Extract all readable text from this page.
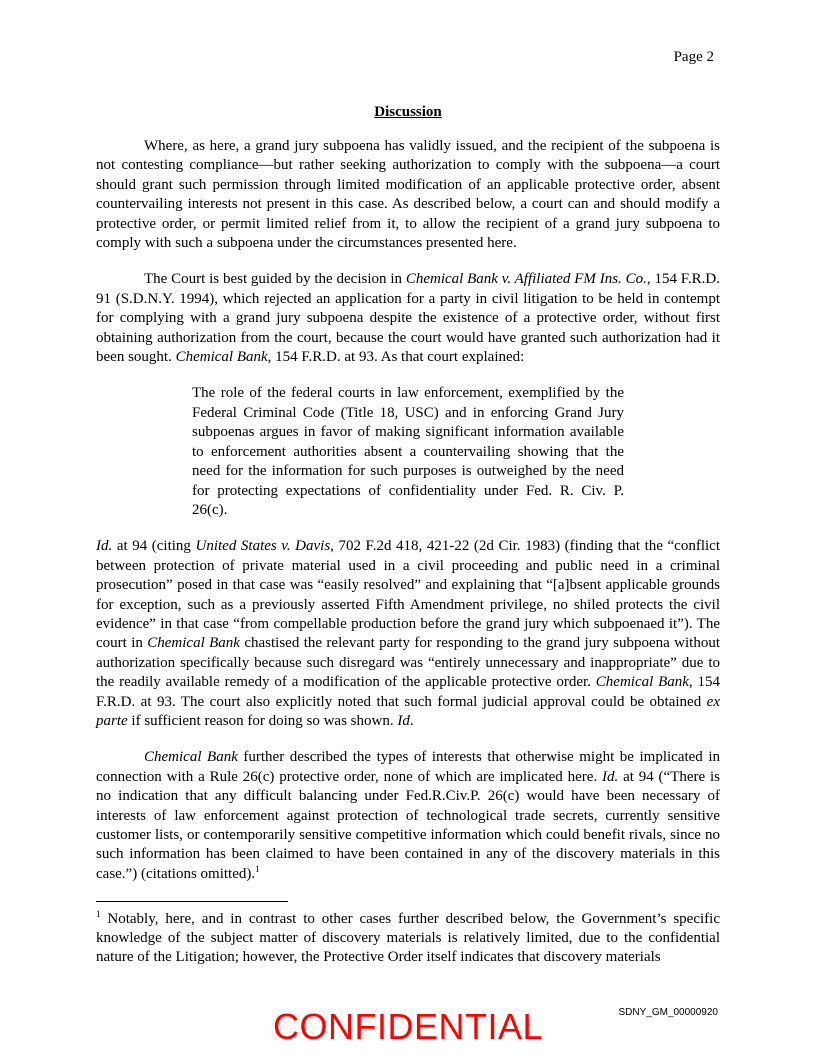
Page 2
Discussion

Where, as here, a grand jury subpoena has validly issued, and the recipient of the subpoena is not contesting compliance—but rather seeking authorization to comply with the subpoena—a court should grant such permission through limited modification of an applicable protective order, absent countervailing interests not present in this case. As described below, a court can and should modify a protective order, or permit limited relief from it, to allow the recipient of a grand jury subpoena to comply with such a subpoena under the circumstances presented here.

The Court is best guided by the decision in Chemical Bank v. Affiliated FM Ins. Co., 154 F.R.D. 91 (S.D.N.Y. 1994), which rejected an application for a party in civil litigation to be held in contempt for complying with a grand jury subpoena despite the existence of a protective order, without first obtaining authorization from the court, because the court would have granted such authorization had it been sought. Chemical Bank, 154 F.R.D. at 93. As that court explained:

The role of the federal courts in law enforcement, exemplified by the Federal Criminal Code (Title 18, USC) and in enforcing Grand Jury subpoenas argues in favor of making significant information available to enforcement authorities absent a countervailing showing that the need for the information for such purposes is outweighed by the need for protecting expectations of confidentiality under Fed. R. Civ. P. 26(c).

Id. at 94 (citing United States v. Davis, 702 F.2d 418, 421-22 (2d Cir. 1983) (finding that the “conflict between protection of private material used in a civil proceeding and public need in a criminal prosecution” posed in that case was “easily resolved” and explaining that “[a]bsent applicable grounds for exception, such as a previously asserted Fifth Amendment privilege, no shiled protects the civil evidence” in that case “from compellable production before the grand jury which subpoenaed it”). The court in Chemical Bank chastised the relevant party for responding to the grand jury subpoena without authorization specifically because such disregard was “entirely unnecessary and inappropriate” due to the readily available remedy of a modification of the applicable protective order. Chemical Bank, 154 F.R.D. at 93. The court also explicitly noted that such formal judicial approval could be obtained ex parte if sufficient reason for doing so was shown. Id.

Chemical Bank further described the types of interests that otherwise might be implicated in connection with a Rule 26(c) protective order, none of which are implicated here. Id. at 94 (“There is no indication that any difficult balancing under Fed.R.Civ.P. 26(c) would have been necessary of interests of law enforcement against protection of technological trade secrets, currently sensitive customer lists, or contemporarily sensitive competitive information which could benefit rivals, since no such information has been claimed to have been contained in any of the discovery materials in this case.”) (citations omitted).$^1$

$^1$ Notably, here, and in contrast to other cases further described below, the Government’s specific knowledge of the subject matter of discovery materials is relatively limited, due to the confidential nature of the Litigation; however, the Protective Order itself indicates that discovery materials
SDNY_GM_00000920
CONFIDENTIAL
